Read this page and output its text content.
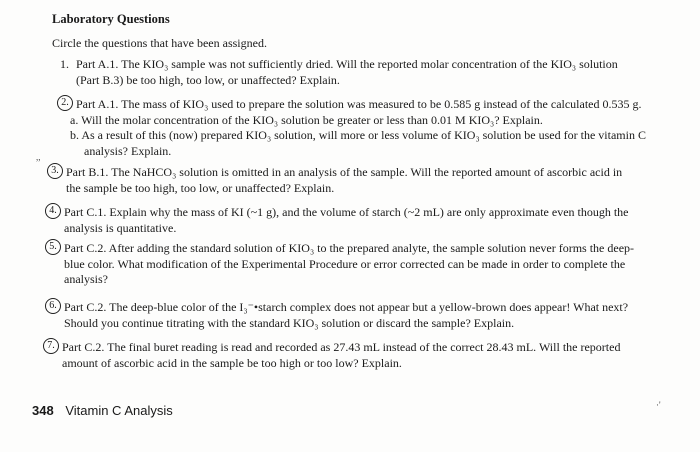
Laboratory Questions
Circle the questions that have been assigned.
1. Part A.1. The KIO₃ sample was not sufficiently dried. Will the reported molar concentration of the KIO₃ solution
(Part B.3) be too high, too low, or unaffected? Explain.
2. Part A.1. The mass of KIO₃ used to prepare the solution was measured to be 0.585 g instead of the calculated 0.535 g.
a. Will the molar concentration of the KIO₃ solution be greater or less than 0.01 M KIO₃? Explain.
b. As a result of this (now) prepared KIO₃ solution, will more or less volume of KIO₃ solution be used for the vitamin C analysis? Explain.
3. Part B.1. The NaHCO₃ solution is omitted in an analysis of the sample. Will the reported amount of ascorbic acid in
the sample be too high, too low, or unaffected? Explain.
4. Part C.1. Explain why the mass of KI (~1 g), and the volume of starch (~2 mL) are only approximate even though the
analysis is quantitative.
5. Part C.2. After adding the standard solution of KIO₃ to the prepared analyte, the sample solution never forms the deep-
blue color. What modification of the Experimental Procedure or error corrected can be made in order to complete the
analysis?
6. Part C.2. The deep-blue color of the I₃⁻•starch complex does not appear but a yellow-brown does appear! What next?
Should you continue titrating with the standard KIO₃ solution or discard the sample? Explain.
7. Part C.2. The final buret reading is read and recorded as 27.43 mL instead of the correct 28.43 mL. Will the reported
amount of ascorbic acid in the sample be too high or too low? Explain.
348 Vitamin C Analysis
,,
·'
